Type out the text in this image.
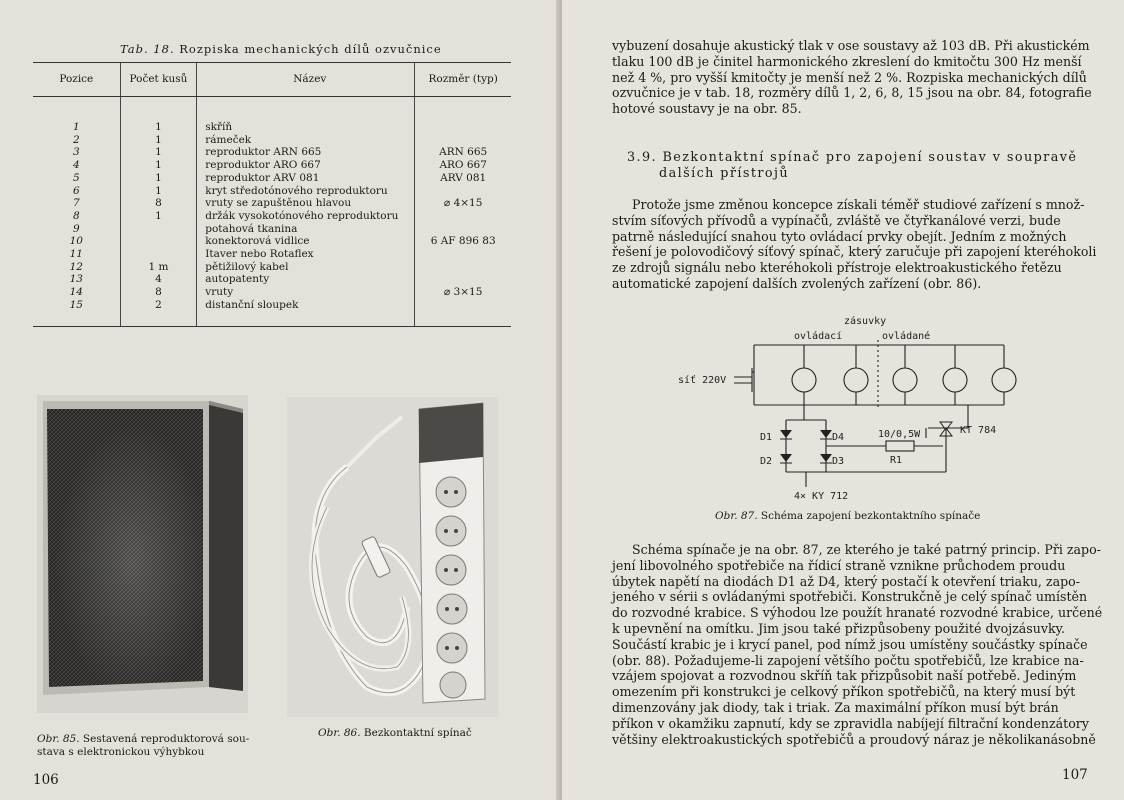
Tab. 18. Rozpiska mechanických dílů ozvučnice
Pozice	Počet kusů	Název	Rozměr (typ)
1	1	skříň	
2	1	rámeček	
3	1	reproduktor ARN 665	ARN 665
4	1	reproduktor ARO 667	ARO 667
5	1	reproduktor ARV 081	ARV 081
6	1	kryt středotónového reproduktoru	
7	8	vruty se zapuštěnou hlavou	⌀ 4×15
8	1	držák vysokotónového reproduktoru	
9		potahová tkanina	
10		konektorová vidlice	6 AF 896 83
11		Itaver nebo Rotaflex	
12	1 m	pětižilový kabel	
13	4	autopatenty	
14	8	vruty	⌀ 3×15
15	2	distanční sloupek	
Obr. 85. Sestavená reproduktorová sou-
stava s elektronickou výhybkou
Obr. 86. Bezkontaktní spínač
106
vybuzení dosahuje akustický tlak v ose soustavy až 103 dB. Při akustickém
tlaku 100 dB je činitel harmonického zkreslení do kmitočtu 300 Hz menší
než 4 %, pro vyšší kmitočty je menší než 2 %. Rozpiska mechanických dílů
ozvučnice je v tab. 18, rozměry dílů 1, 2, 6, 8, 15 jsou na obr. 84, fotografie
hotové soustavy je na obr. 85.
3.9. Bezkontaktní spínač pro zapojení soustav v soupravě
dalších přístrojů
Protože jsme změnou koncepce získali téměř studiové zařízení s množ-
stvím síťových přívodů a vypínačů, zvláště ve čtyřkanálové verzi, bude
patrně následující snahou tyto ovládací prvky obejít. Jedním z možných
řešení je polovodičový síťový spínač, který zaručuje při zapojení kteréhokoli
ze zdrojů signálu nebo kteréhokoli přístroje elektroakustického řetězu
automatické zapojení dalších zvolených zařízení (obr. 86).
zásuvky
ovládací	ovládané
síť 220V
D1
D2	D3
D4	10/0,5W
R1
KT 784
4× KY 712
Obr. 87. Schéma zapojení bezkontaktního spínače
Schéma spínače je na obr. 87, ze kterého je také patrný princip. Při zapo-
jení libovolného spotřebiče na řídicí straně vznikne průchodem proudu
úbytek napětí na diodách D1 až D4, který postačí k otevření triaku, zapo-
jeného v sérii s ovládanými spotřebiči. Konstrukčně je celý spínač umístěn
do rozvodné krabice. S výhodou lze použít hranaté rozvodné krabice, určené
k upevnění na omítku. Jim jsou také přizpůsobeny použité dvojzásuvky.
Součástí krabic je i krycí panel, pod nímž jsou umístěny součástky spínače
(obr. 88). Požadujeme-li zapojení většího počtu spotřebičů, lze krabice na-
vzájem spojovat a rozvodnou skříň tak přizpůsobit naší potřebě. Jediným
omezením při konstrukci je celkový příkon spotřebičů, na který musí být
dimenzovány jak diody, tak i triak. Za maximální příkon musí být brán
příkon v okamžiku zapnutí, kdy se zpravidla nabíjejí filtrační kondenzátory
většiny elektroakustických spotřebičů a proudový náraz je několikanásobně
107
